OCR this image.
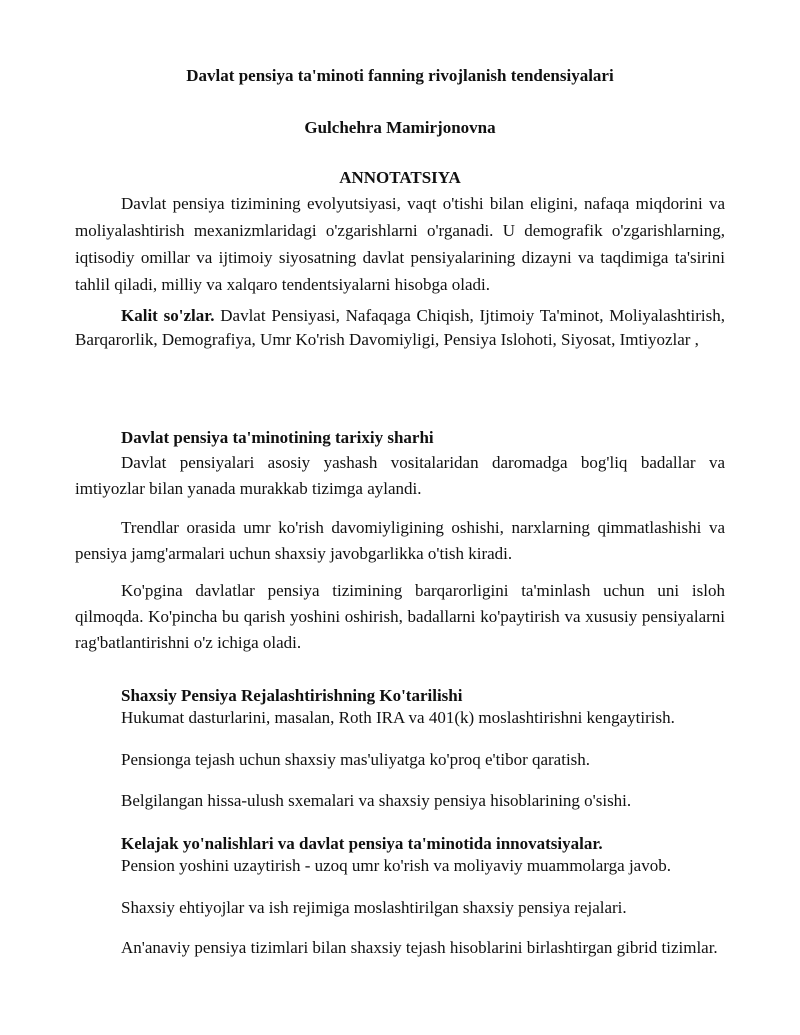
Davlat pensiya ta'minoti fanning rivojlanish tendensiyalari

Gulchehra Mamirjonovna

ANNOTATSIYA

Davlat pensiya tizimining evolyutsiyasi, vaqt o'tishi bilan eligini, nafaqa miqdorini va moliyalashtirish mexanizmlaridagi o'zgarishlarni o'rganadi. U demografik o'zgarishlarning, iqtisodiy omillar va ijtimoiy siyosatning davlat pensiyalarining dizayni va taqdimiga ta'sirini tahlil qiladi, milliy va xalqaro tendentsiyalarni hisobga oladi.

Kalit so'zlar. Davlat Pensiyasi, Nafaqaga Chiqish, Ijtimoiy Ta'minot, Moliyalashtirish, Barqarorlik, Demografiya, Umr Ko'rish Davomiyligi, Pensiya Islohoti, Siyosat, Imtiyozlar ,

Davlat pensiya ta'minotining tarixiy sharhi

Davlat pensiyalari asosiy yashash vositalaridan daromadga bog'liq badallar va imtiyozlar bilan yanada murakkab tizimga aylandi.

Trendlar orasida umr ko'rish davomiyligining oshishi, narxlarning qimmatlashishi va pensiya jamg'armalari uchun shaxsiy javobgarlikka o'tish kiradi.

Ko'pgina davlatlar pensiya tizimining barqarorligini ta'minlash uchun uni isloh qilmoqda. Ko'pincha bu qarish yoshini oshirish, badallarni ko'paytirish va xususiy pensiyalarni rag'batlantirishni o'z ichiga oladi.

Shaxsiy Pensiya Rejalashtirishning Ko'tarilishi

Hukumat dasturlarini, masalan, Roth IRA va 401(k) moslashtirishni kengaytirish.

Pensionga tejash uchun shaxsiy mas'uliyatga ko'proq e'tibor qaratish.

Belgilangan hissa-ulush sxemalari va shaxsiy pensiya hisoblarining o'sishi.

Kelajak yo'nalishlari va davlat pensiya ta'minotida innovatsiyalar.

Pension yoshini uzaytirish - uzoq umr ko'rish va moliyaviy muammolarga javob.

Shaxsiy ehtiyojlar va ish rejimiga moslashtirilgan shaxsiy pensiya rejalari.

An'anaviy pensiya tizimlari bilan shaxsiy tejash hisoblarini birlashtirgan gibrid tizimlar.
